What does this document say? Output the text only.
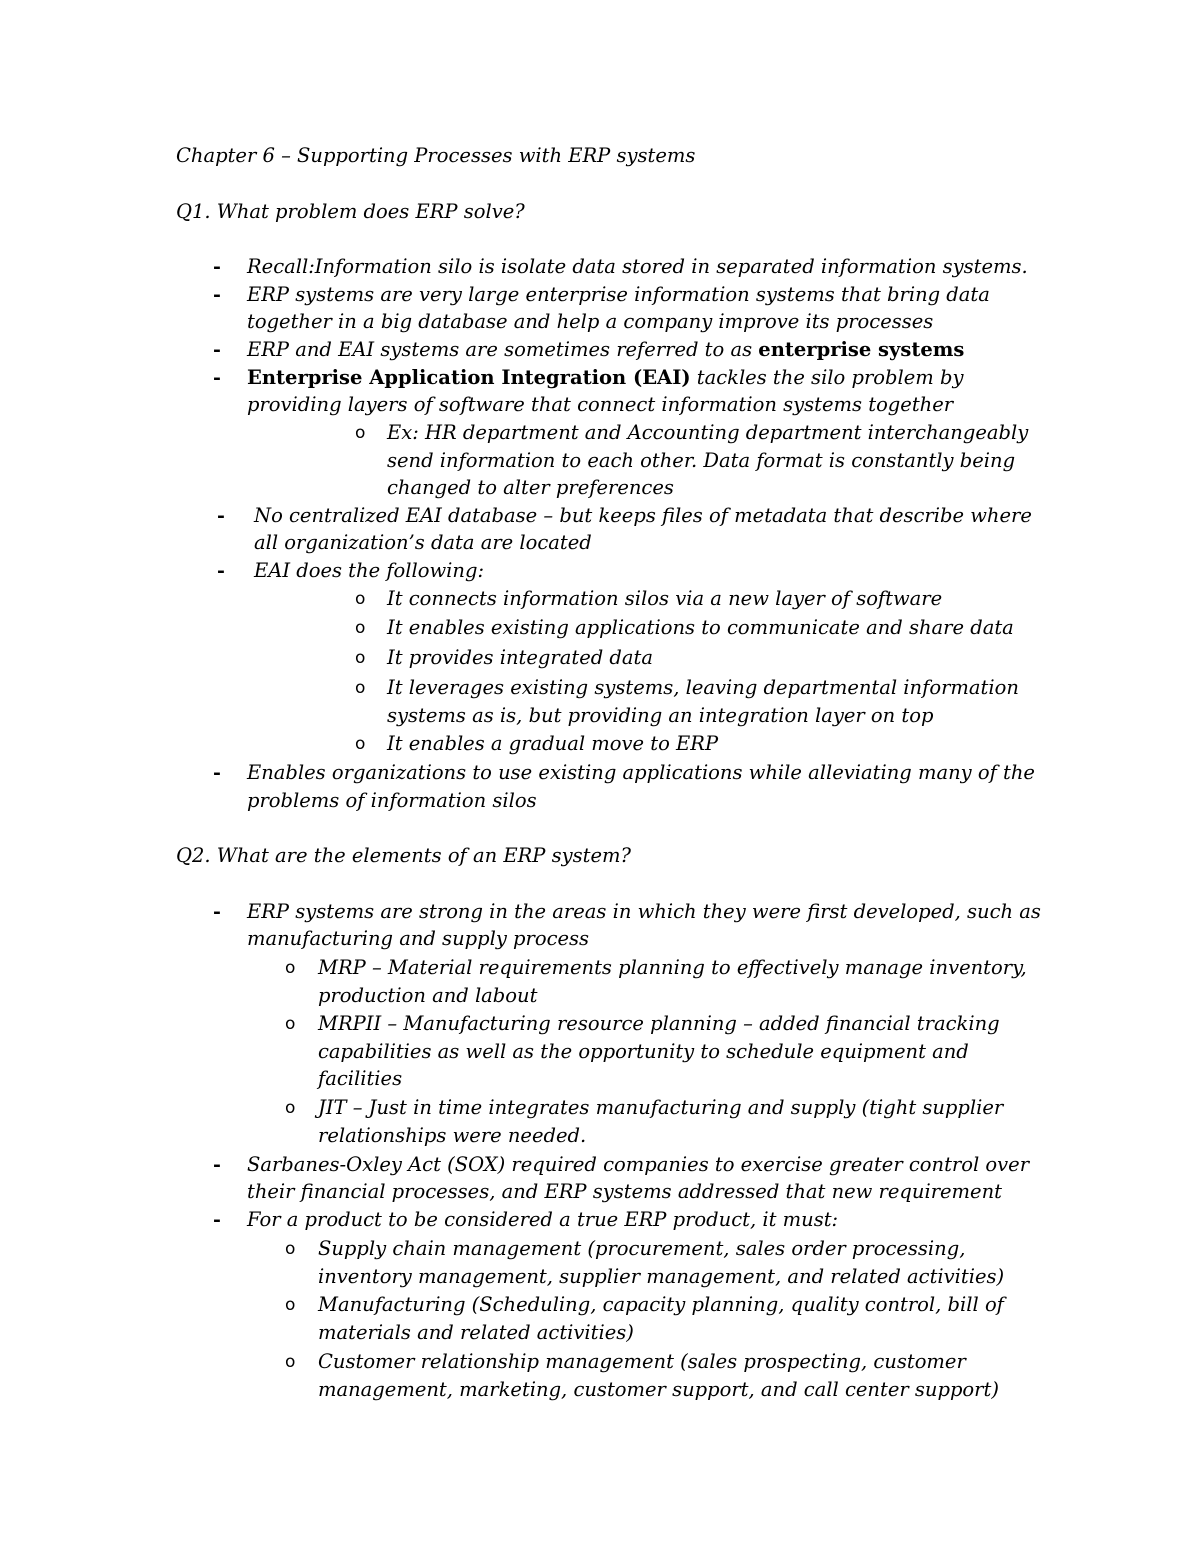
Chapter 6 – Supporting Processes with ERP systems
Q1. What problem does ERP solve?
- Recall:Information silo is isolate data stored in separated information systems.
- ERP systems are very large enterprise information systems that bring data
together in a big database and help a company improve its processes
- ERP and EAI systems are sometimes referred to as enterprise systems
- Enterprise Application Integration (EAI) tackles the silo problem by
providing layers of software that connect information systems together
o Ex: HR department and Accounting department interchangeably
send information to each other. Data format is constantly being
changed to alter preferences
- No centralized EAI database – but keeps files of metadata that describe where
all organization’s data are located
- EAI does the following:
o It connects information silos via a new layer of software
o It enables existing applications to communicate and share data
o It provides integrated data
o It leverages existing systems, leaving departmental information
systems as is, but providing an integration layer on top
o It enables a gradual move to ERP
- Enables organizations to use existing applications while alleviating many of the
problems of information silos
Q2. What are the elements of an ERP system?
- ERP systems are strong in the areas in which they were first developed, such as
manufacturing and supply process
o MRP – Material requirements planning to effectively manage inventory,
production and labout
o MRPII – Manufacturing resource planning – added financial tracking
capabilities as well as the opportunity to schedule equipment and
facilities
o JIT – Just in time integrates manufacturing and supply (tight supplier
relationships were needed.
- Sarbanes-Oxley Act (SOX) required companies to exercise greater control over
their financial processes, and ERP systems addressed that new requirement
- For a product to be considered a true ERP product, it must:
o Supply chain management (procurement, sales order processing,
inventory management, supplier management, and related activities)
o Manufacturing (Scheduling, capacity planning, quality control, bill of
materials and related activities)
o Customer relationship management (sales prospecting, customer
management, marketing, customer support, and call center support)
